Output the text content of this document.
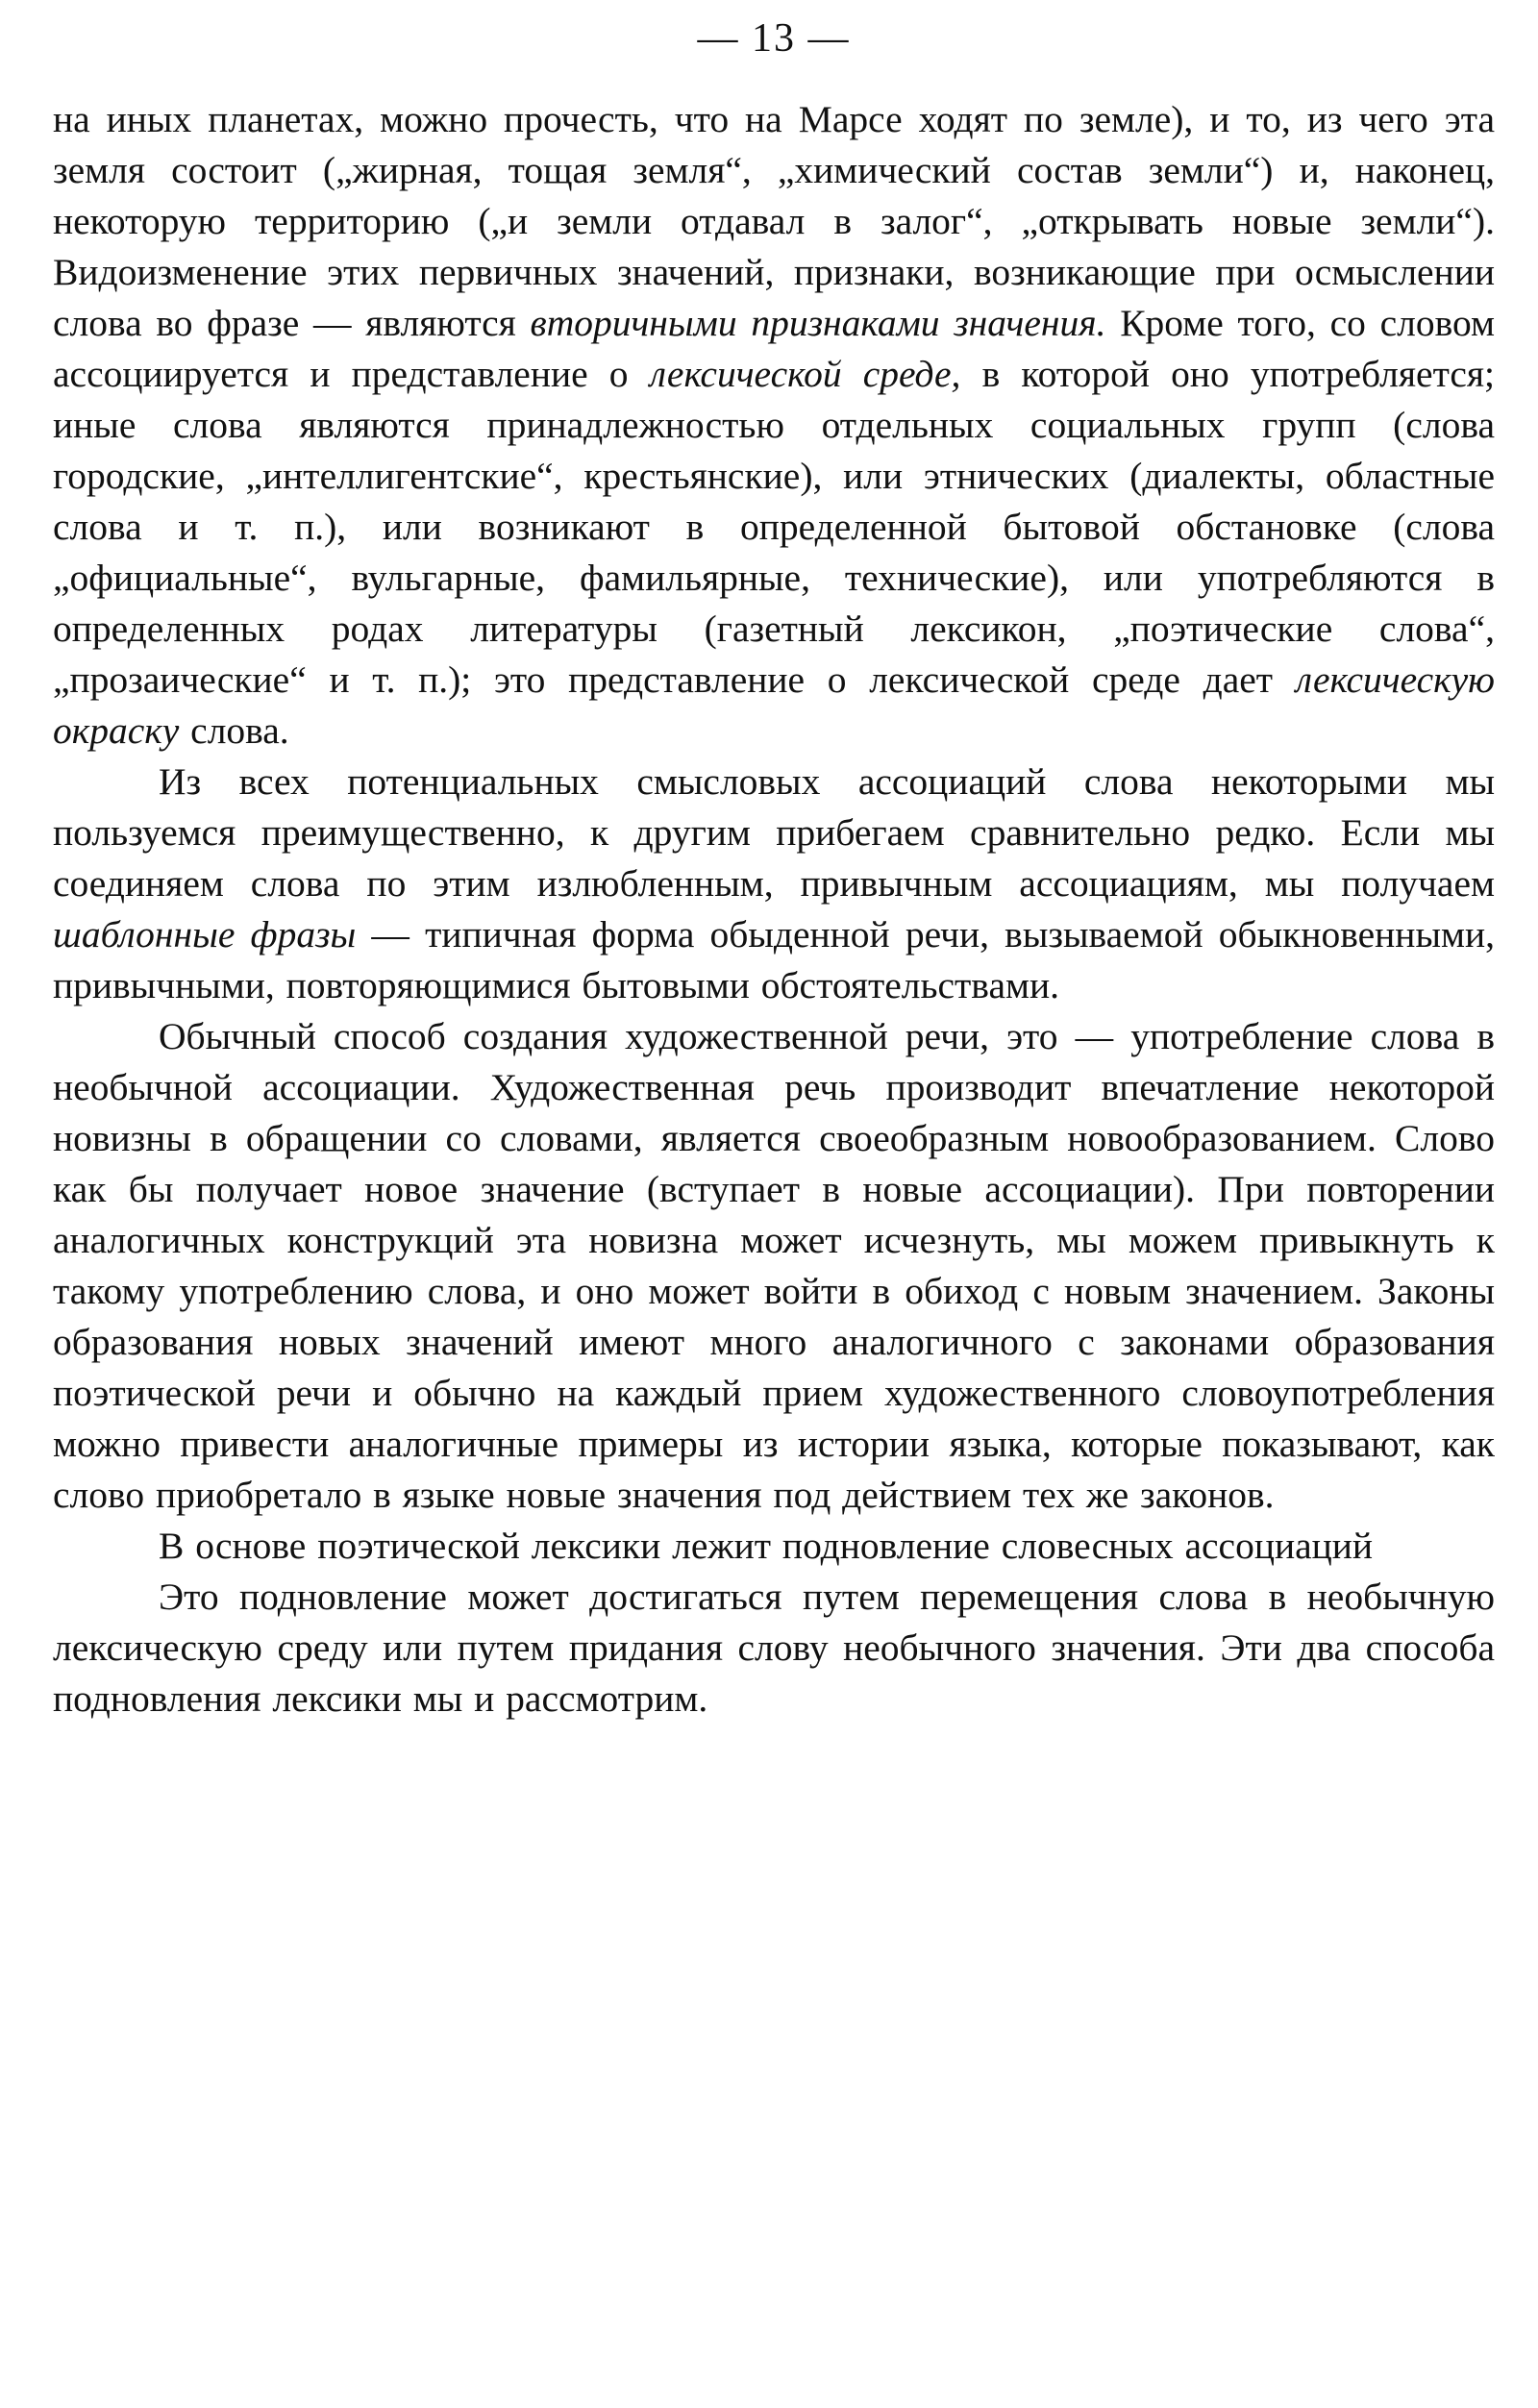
— 13 —

на иных планетах, можно прочесть, что на Марсе ходят по земле), и то, из чего эта земля состоит („жирная, тощая земля“, „химический состав земли“) и, наконец, некоторую территорию („и земли отдавал в залог“, „открывать новые земли“). Видоизменение этих первичных значений, признаки, возникающие при осмыслении слова во фразе — являются вторичными признаками значения. Кроме того, со словом ассоциируется и представление о лексической среде, в которой оно употребляется; иные слова являются принадлежностью отдельных социальных групп (слова городские, „интеллигентские“, крестьянские), или этнических (диалекты, областные слова и т. п.), или возникают в определенной бытовой обстановке (слова „официальные“, вульгарные, фамильярные, технические), или употребляются в определенных родах литературы (газетный лексикон, „поэтические слова“, „прозаические“ и т. п.); это представление о лексической среде дает лексическую окраску слова.

Из всех потенциальных смысловых ассоциаций слова некоторыми мы пользуемся преимущественно, к другим прибегаем сравнительно редко. Если мы соединяем слова по этим излюбленным, привычным ассоциациям, мы получаем шаблонные фразы — типичная форма обыденной речи, вызываемой обыкновенными, привычными, повторяющимися бытовыми обстоятельствами.

Обычный способ создания художественной речи, это — употребление слова в необычной ассоциации. Художественная речь производит впечатление некоторой новизны в обращении со словами, является своеобразным новообразованием. Слово как бы получает новое значение (вступает в новые ассоциации). При повторении аналогичных конструкций эта новизна может исчезнуть, мы можем привыкнуть к такому употреблению слова, и оно может войти в обиход с новым значением. Законы образования новых значений имеют много аналогичного с законами образования поэтической речи и обычно на каждый прием художественного словоупотребления можно привести аналогичные примеры из истории языка, которые показывают, как слово приобретало в языке новые значения под действием тех же законов.

В основе поэтической лексики лежит подновление словесных ассоциаций

Это подновление может достигаться путем перемещения слова в необычную лексическую среду или путем придания слову необычного значения. Эти два способа подновления лексики мы и рассмотрим.
